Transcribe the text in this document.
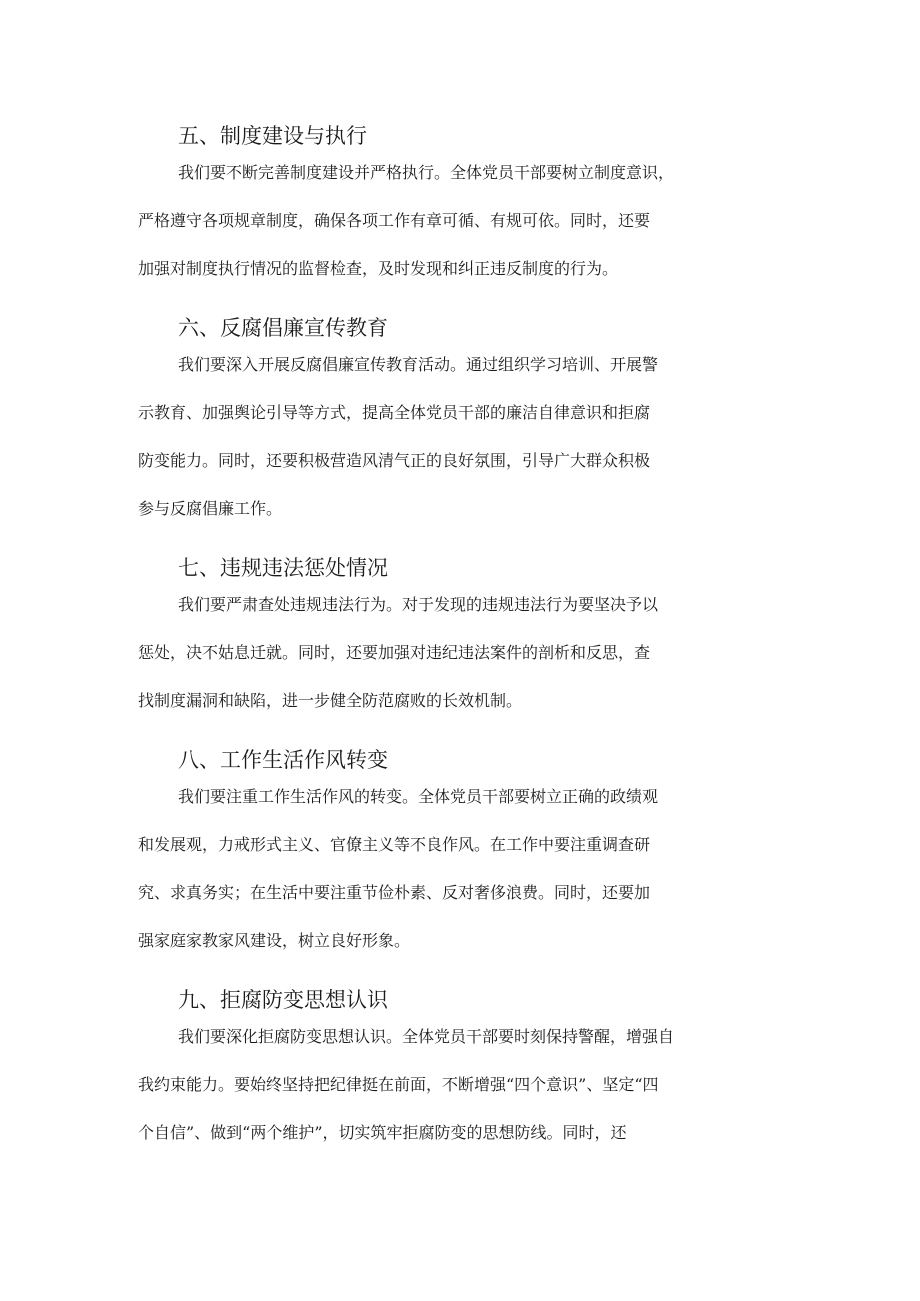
五、制度建设与执行

我们要不断完善制度建设并严格执行。全体党员干部要树立制度意识，
严格遵守各项规章制度，确保各项工作有章可循、有规可依。同时，还要
加强对制度执行情况的监督检查，及时发现和纠正违反制度的行为。

六、反腐倡廉宣传教育

我们要深入开展反腐倡廉宣传教育活动。通过组织学习培训、开展警
示教育、加强舆论引导等方式，提高全体党员干部的廉洁自律意识和拒腐
防变能力。同时，还要积极营造风清气正的良好氛围，引导广大群众积极
参与反腐倡廉工作。

七、违规违法惩处情况

我们要严肃查处违规违法行为。对于发现的违规违法行为要坚决予以
惩处，决不姑息迁就。同时，还要加强对违纪违法案件的剖析和反思，查
找制度漏洞和缺陷，进一步健全防范腐败的长效机制。

八、工作生活作风转变

我们要注重工作生活作风的转变。全体党员干部要树立正确的政绩观
和发展观，力戒形式主义、官僚主义等不良作风。在工作中要注重调查研
究、求真务实；在生活中要注重节俭朴素、反对奢侈浪费。同时，还要加
强家庭家教家风建设，树立良好形象。

九、拒腐防变思想认识

我们要深化拒腐防变思想认识。全体党员干部要时刻保持警醒，增强自
我约束能力。要始终坚持把纪律挺在前面，不断增强“四个意识”、坚定“四
个自信”、做到“两个维护”，切实筑牢拒腐防变的思想防线。同时，还
